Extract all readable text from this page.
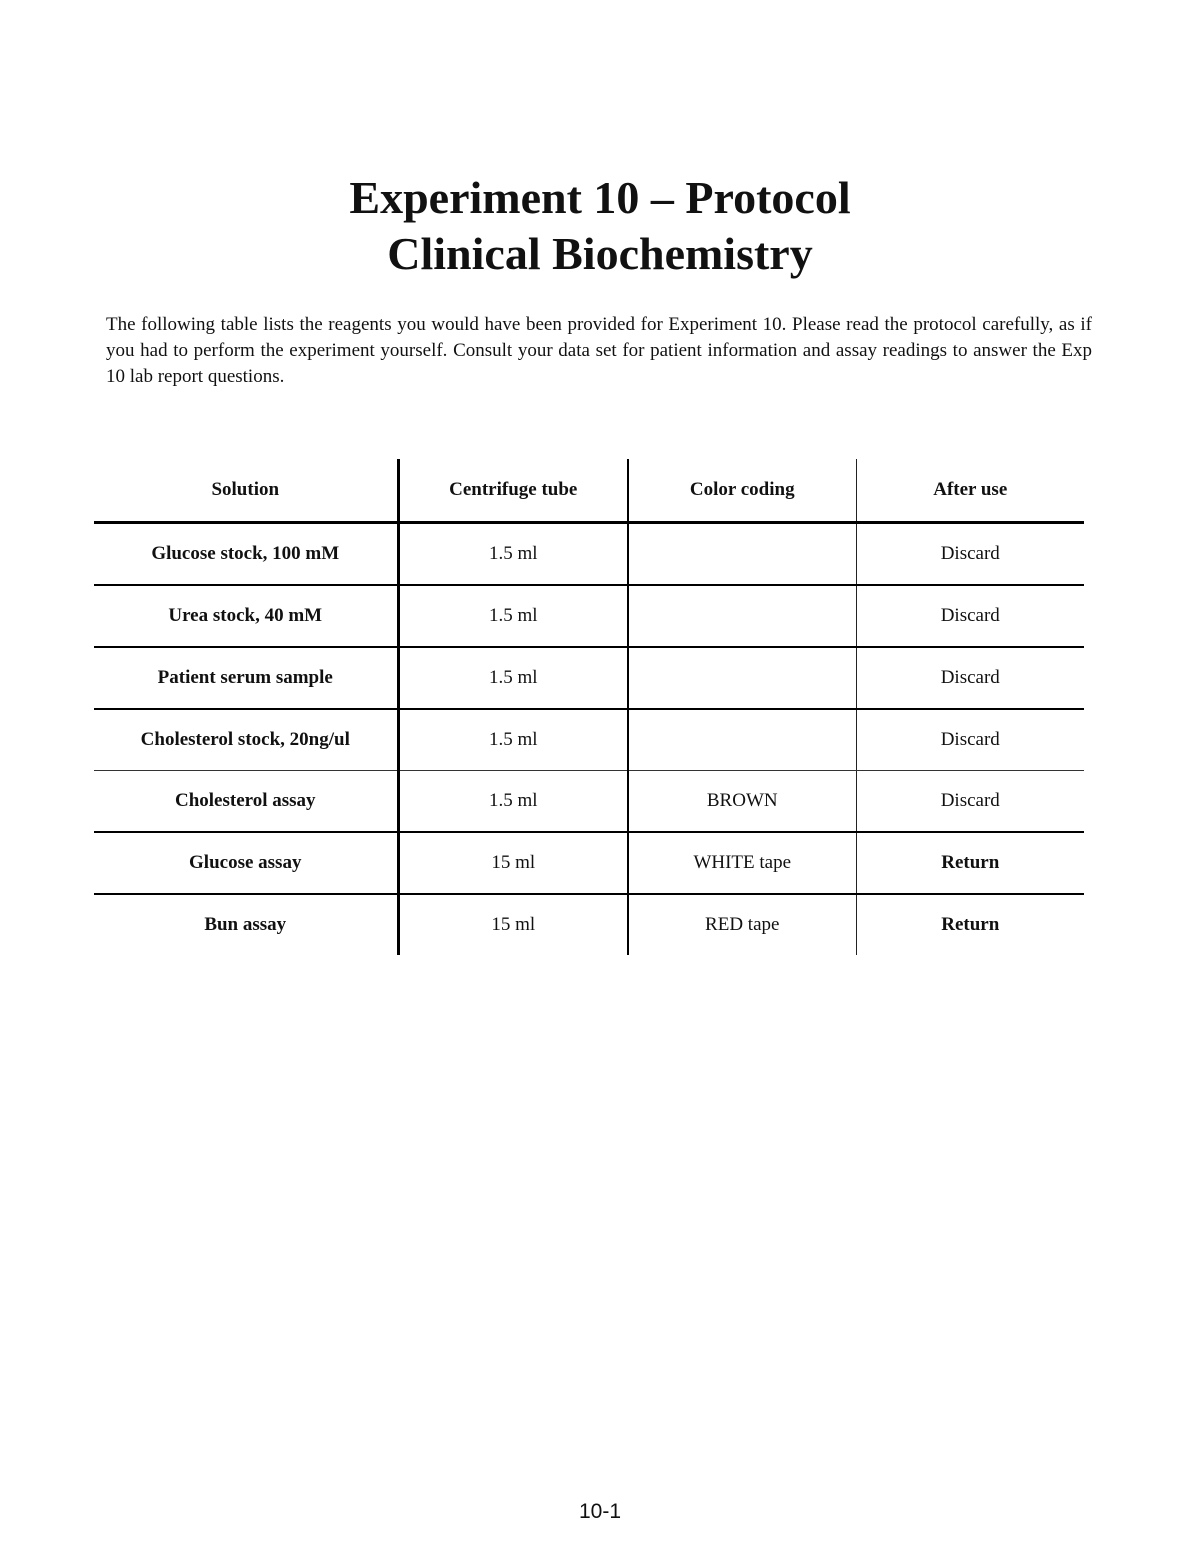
Experiment 10 – Protocol

Clinical Biochemistry

The following table lists the reagents you would have been provided for Experiment 10. Please read the protocol carefully, as if you had to perform the experiment yourself. Consult your data set for patient information and assay readings to answer the Exp 10 lab report questions.

Solution	Centrifuge tube	Color coding	After use
Glucose stock, 100 mM	1.5 ml		Discard
Urea stock, 40 mM	1.5 ml		Discard
Patient serum sample	1.5 ml		Discard
Cholesterol stock, 20ng/ul	1.5 ml		Discard
Cholesterol assay	1.5 ml	BROWN	Discard
Glucose assay	15 ml	WHITE tape	Return
Bun assay	15 ml	RED tape	Return
10-1
